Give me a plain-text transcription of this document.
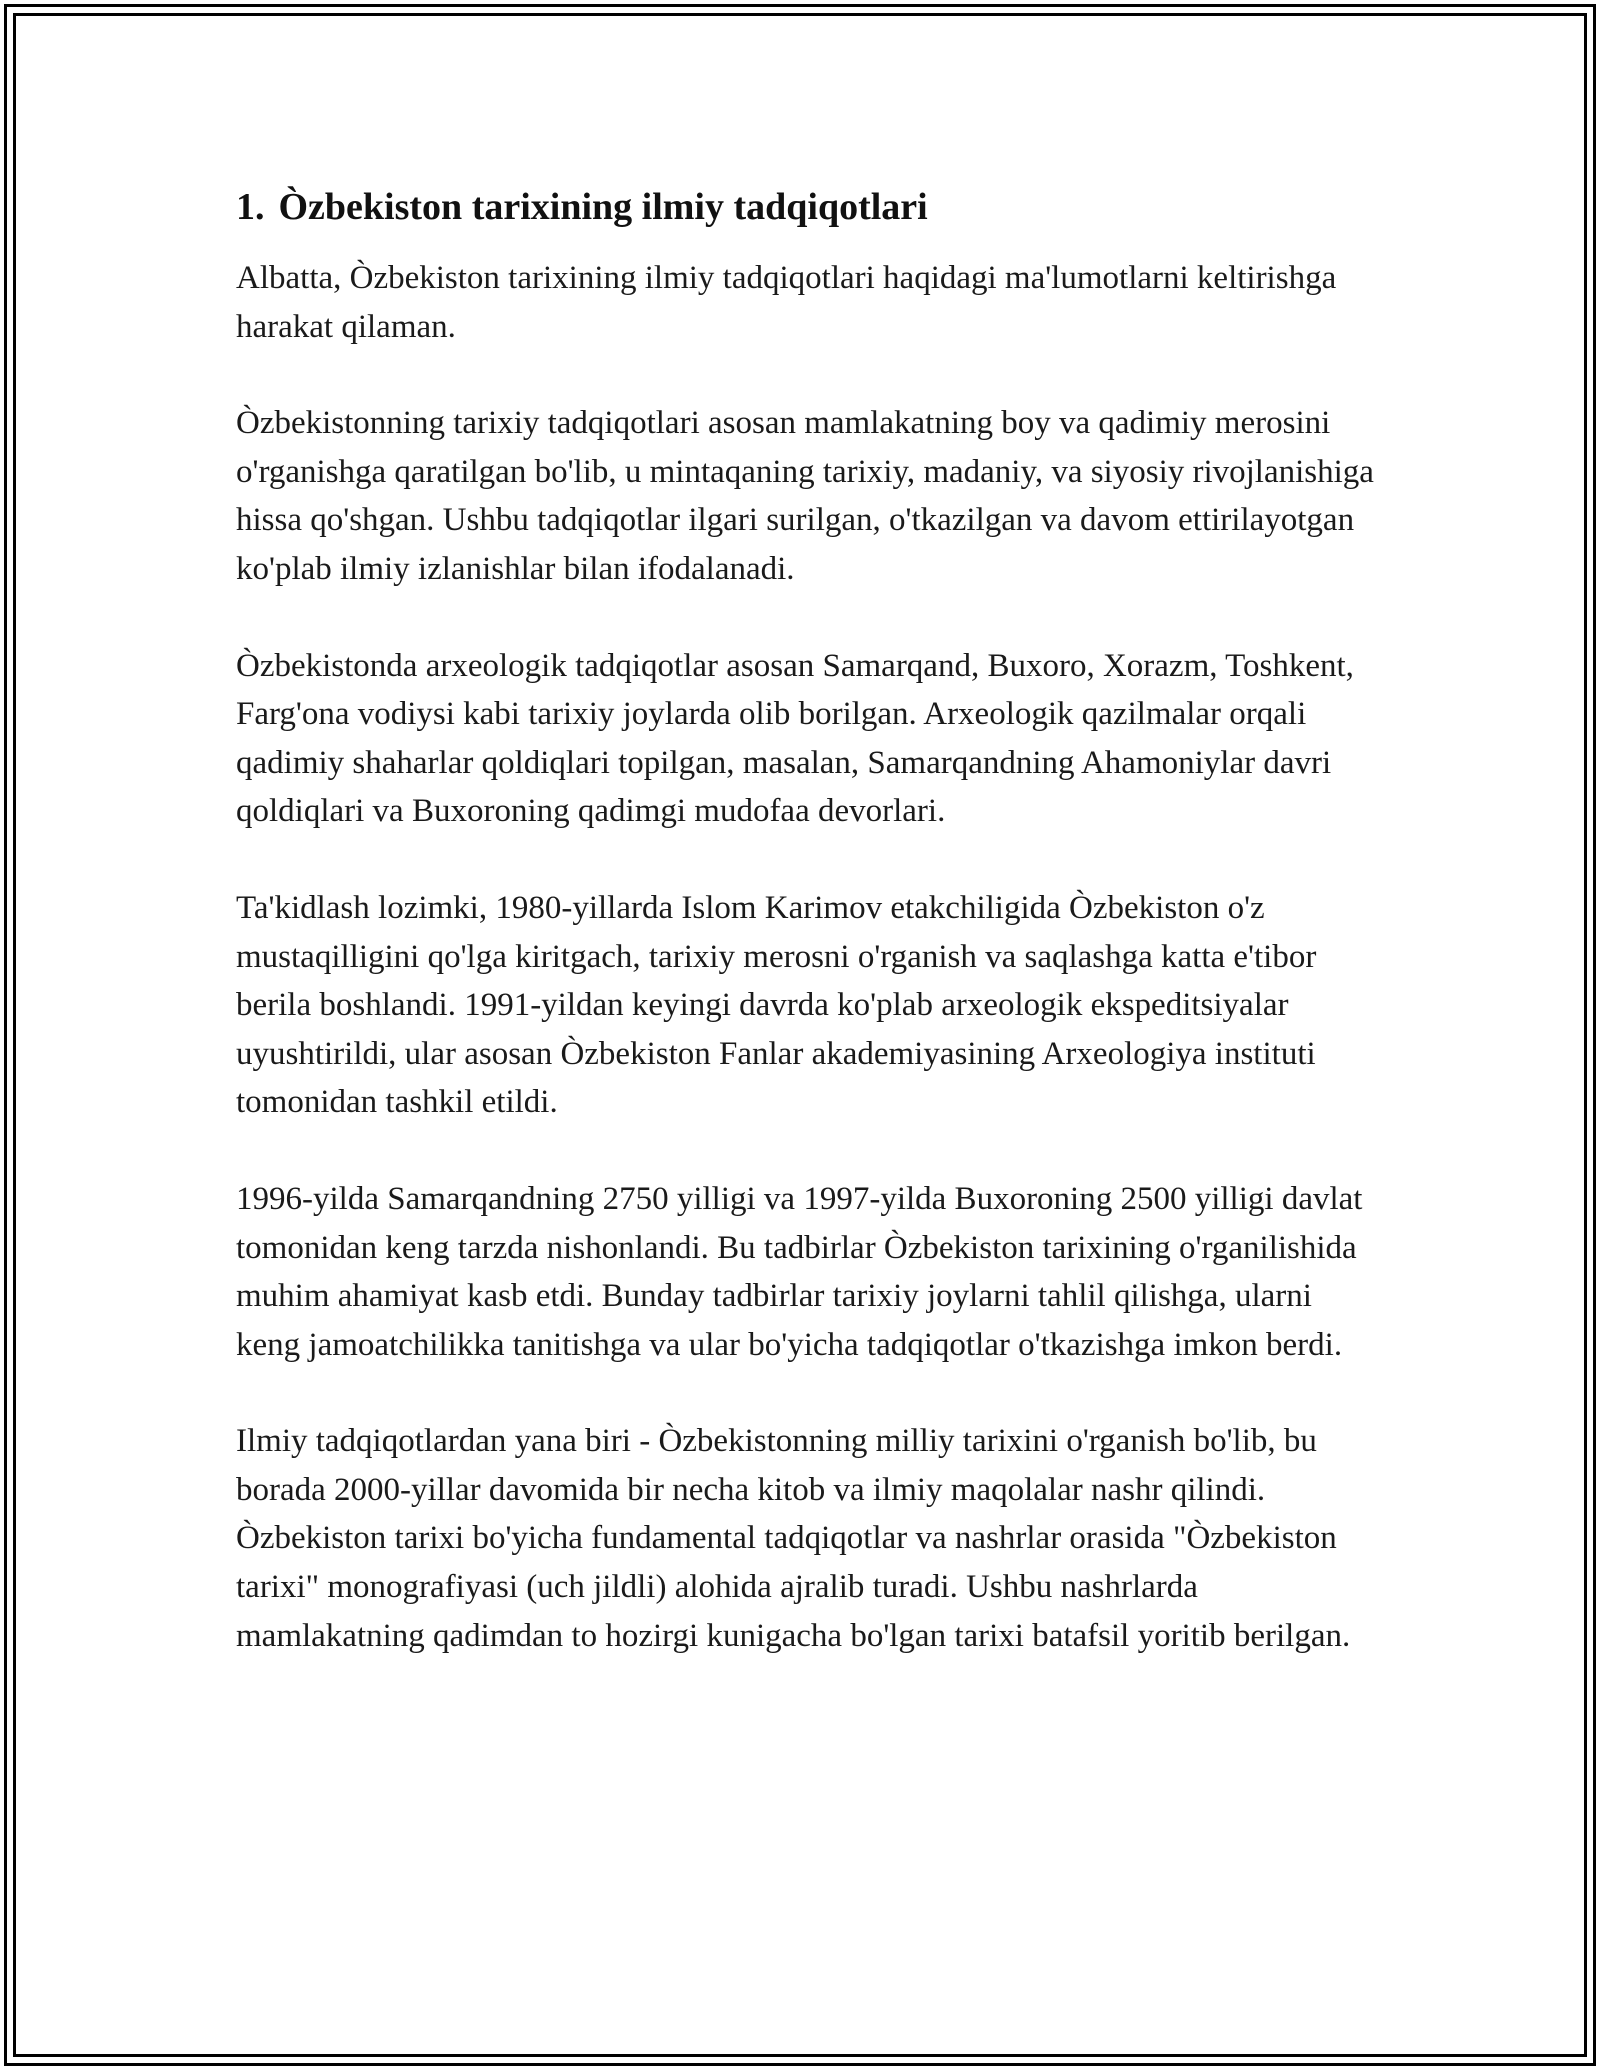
1. Òzbekiston tarixining ilmiy tadqiqotlari

Albatta, Òzbekiston tarixining ilmiy tadqiqotlari haqidagi ma'lumotlarni keltirishga harakat qilaman.

Òzbekistonning tarixiy tadqiqotlari asosan mamlakatning boy va qadimiy merosini o'rganishga qaratilgan bo'lib, u mintaqaning tarixiy, madaniy, va siyosiy rivojlanishiga hissa qo'shgan. Ushbu tadqiqotlar ilgari surilgan, o'tkazilgan va davom ettirilayotgan ko'plab ilmiy izlanishlar bilan ifodalanadi.

Òzbekistonda arxeologik tadqiqotlar asosan Samarqand, Buxoro, Xorazm, Toshkent, Farg'ona vodiysi kabi tarixiy joylarda olib borilgan. Arxeologik qazilmalar orqali qadimiy shaharlar qoldiqlari topilgan, masalan, Samarqandning Ahamoniylar davri qoldiqlari va Buxoroning qadimgi mudofaa devorlari.

Ta'kidlash lozimki, 1980-yillarda Islom Karimov etakchiligida Òzbekiston o'z mustaqilligini qo'lga kiritgach, tarixiy merosni o'rganish va saqlashga katta e'tibor berila boshlandi. 1991-yildan keyingi davrda ko'plab arxeologik ekspeditsiyalar uyushtirildi, ular asosan Òzbekiston Fanlar akademiyasining Arxeologiya instituti tomonidan tashkil etildi.

1996-yilda Samarqandning 2750 yilligi va 1997-yilda Buxoroning 2500 yilligi davlat tomonidan keng tarzda nishonlandi. Bu tadbirlar Òzbekiston tarixining o'rganilishida muhim ahamiyat kasb etdi. Bunday tadbirlar tarixiy joylarni tahlil qilishga, ularni keng jamoatchilikka tanitishga va ular bo'yicha tadqiqotlar o'tkazishga imkon berdi.

Ilmiy tadqiqotlardan yana biri - Òzbekistonning milliy tarixini o'rganish bo'lib, bu borada 2000-yillar davomida bir necha kitob va ilmiy maqolalar nashr qilindi. Òzbekiston tarixi bo'yicha fundamental tadqiqotlar va nashrlar orasida "Òzbekiston tarixi" monografiyasi (uch jildli) alohida ajralib turadi. Ushbu nashrlarda mamlakatning qadimdan to hozirgi kunigacha bo'lgan tarixi batafsil yoritib berilgan.
